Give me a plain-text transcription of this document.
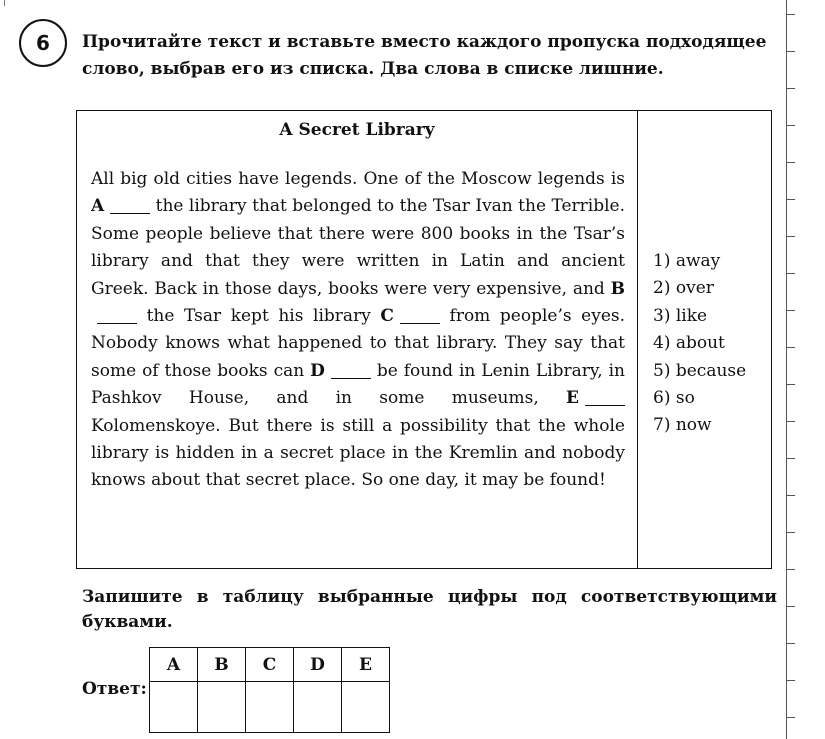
6 Прочитайте текст и вставьте вместо каждого пропуска подходящее слово, выбрав его из списка. Два слова в списке лишние.
A Secret Library

All big old cities have legends. One of the Moscow legends is A	the library that belonged to the Tsar Ivan the Terrible. Some people believe that there were 800 books in the Tsar’s library and that they were written in Latin and ancient Greek. Back in those days, books were very expensive, and B the Tsar kept his library C	from people’s eyes. Nobody knows what happened to that library. They say that some of those books can D	be found in Lenin Library, in Pashkov House, and in some museums, E Kolomenskoye. But there is still a possibility that the whole library is hidden in a secret place in the Kremlin and nobody knows about that secret place. So one day, it may be found!

1) away
2) over
3) like
4) about
5) because
6) so
7) now
Запишите в таблицу выбранные цифры под соответствующими буквами.
Ответ:
A	B	C	D	E
